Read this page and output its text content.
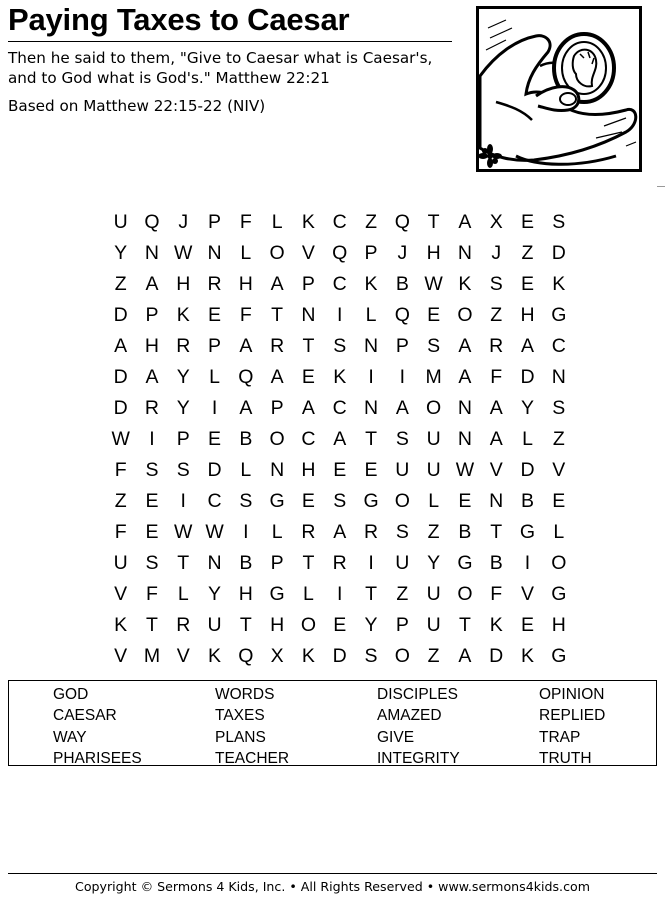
Paying Taxes to Caesar
Then he said to them, "Give to Caesar what is Caesar's, and to God what is God's." Matthew 22:21
Based on Matthew 22:15-22 (NIV)
U Q J	P F	L K C Z Q T A X E S
Y N W N L O V Q P	J H N J	Z D
Z A H R H A P C K B W K S E K
D P K E F T N	I	L Q E O Z H G
A H R P A R T S N P S A R A C
D A Y L Q A E K	I	I	M A F D N
D R Y	I	A P A C N A O N A Y S
W I	P E B O C A T S U N A L	Z
F S S D L N H E E U U W V D V
Z E	I	C S G E S G O L E N B E
F E W W I	L R A R S Z B T G L
U S T N B P T R	I	U Y G B	I	O
V F	L Y H G L	I	T Z U O F V G
K T R U T H O E Y P U T K E H
V M V K Q X K D S O Z A D K G
GOD	WORDS	DISCIPLES	OPINION
CAESAR	TAXES	AMAZED	REPLIED
WAY	PLANS	GIVE	TRAP
PHARISEES	TEACHER	INTEGRITY	TRUTH
Copyright © Sermons 4 Kids, Inc. • All Rights Reserved • www.sermons4kids.com
